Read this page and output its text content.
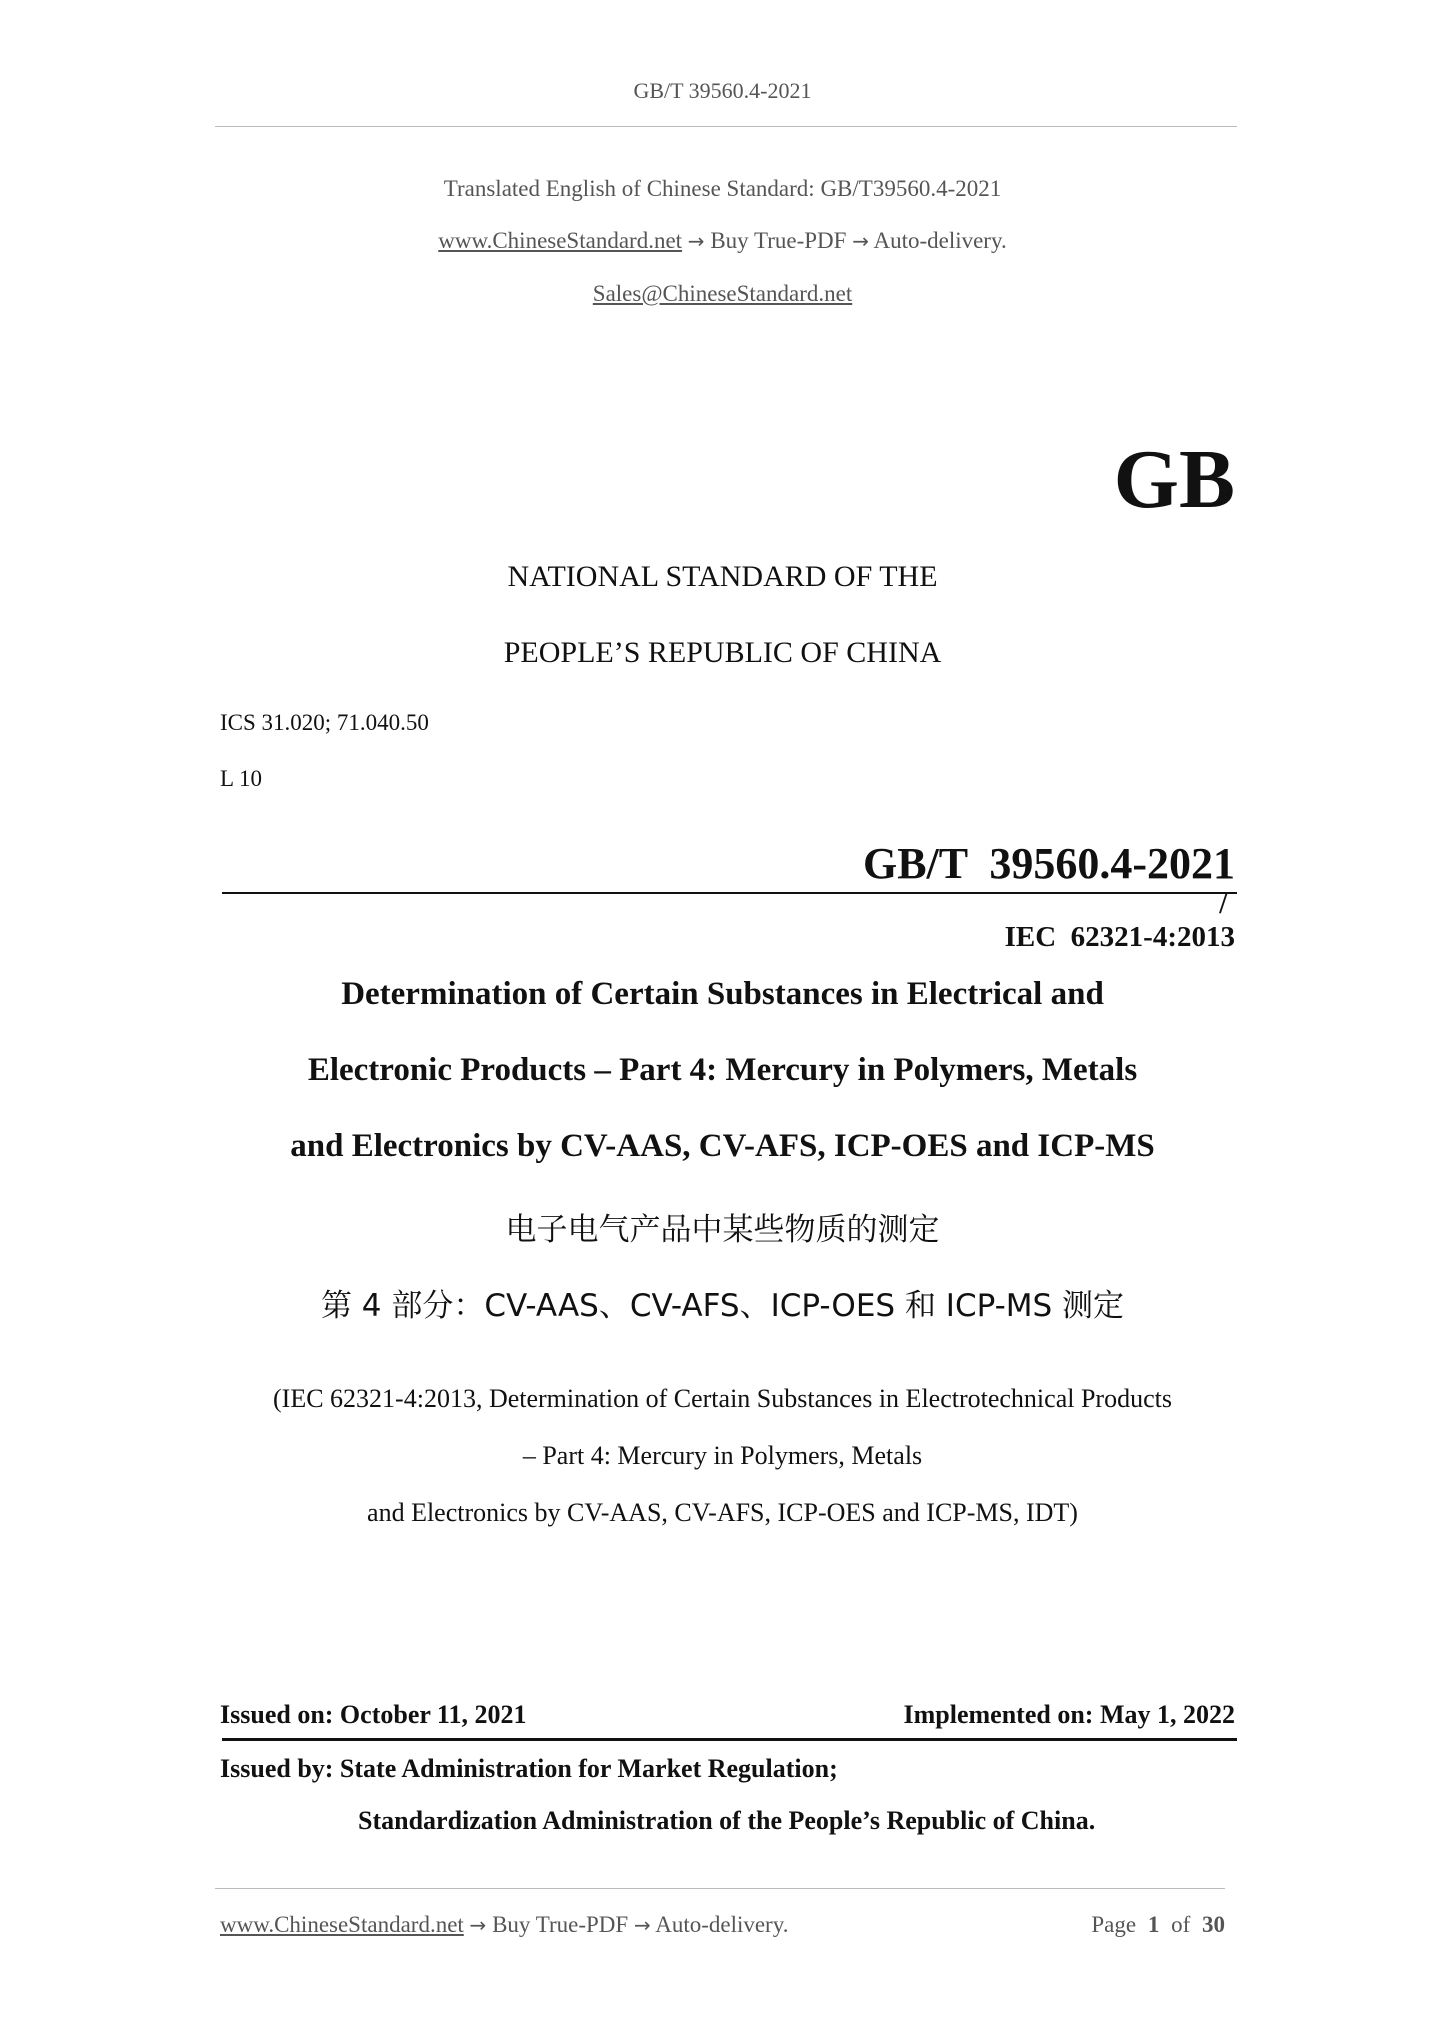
GB/T 39560.4-2021
Translated English of Chinese Standard: GB/T39560.4-2021
www.ChineseStandard.net → Buy True-PDF → Auto-delivery.
Sales@ChineseStandard.net
GB
NATIONAL STANDARD OF THE
PEOPLE’S REPUBLIC OF CHINA
ICS 31.020; 71.040.50
L 10

GB/T  39560.4-2021
/
IEC  62321-4:2013

Determination of Certain Substances in Electrical and
Electronic Products – Part 4: Mercury in Polymers, Metals
and Electronics by CV-AAS, CV-AFS, ICP-OES and ICP-MS
电子电气产品中某些物质的测定
第 4 部分：CV-AAS、CV-AFS、ICP-OES 和 ICP-MS 测定
(IEC 62321-4:2013, Determination of Certain Substances in Electrotechnical Products
– Part 4: Mercury in Polymers, Metals
and Electronics by CV-AAS, CV-AFS, ICP-OES and ICP-MS, IDT)
Issued on: October 11, 2021	Implemented on: May 1, 2022
Issued by: State Administration for Market Regulation;
Standardization Administration of the People’s Republic of China.
www.ChineseStandard.net → Buy True-PDF → Auto-delivery.	Page 1 of 30
